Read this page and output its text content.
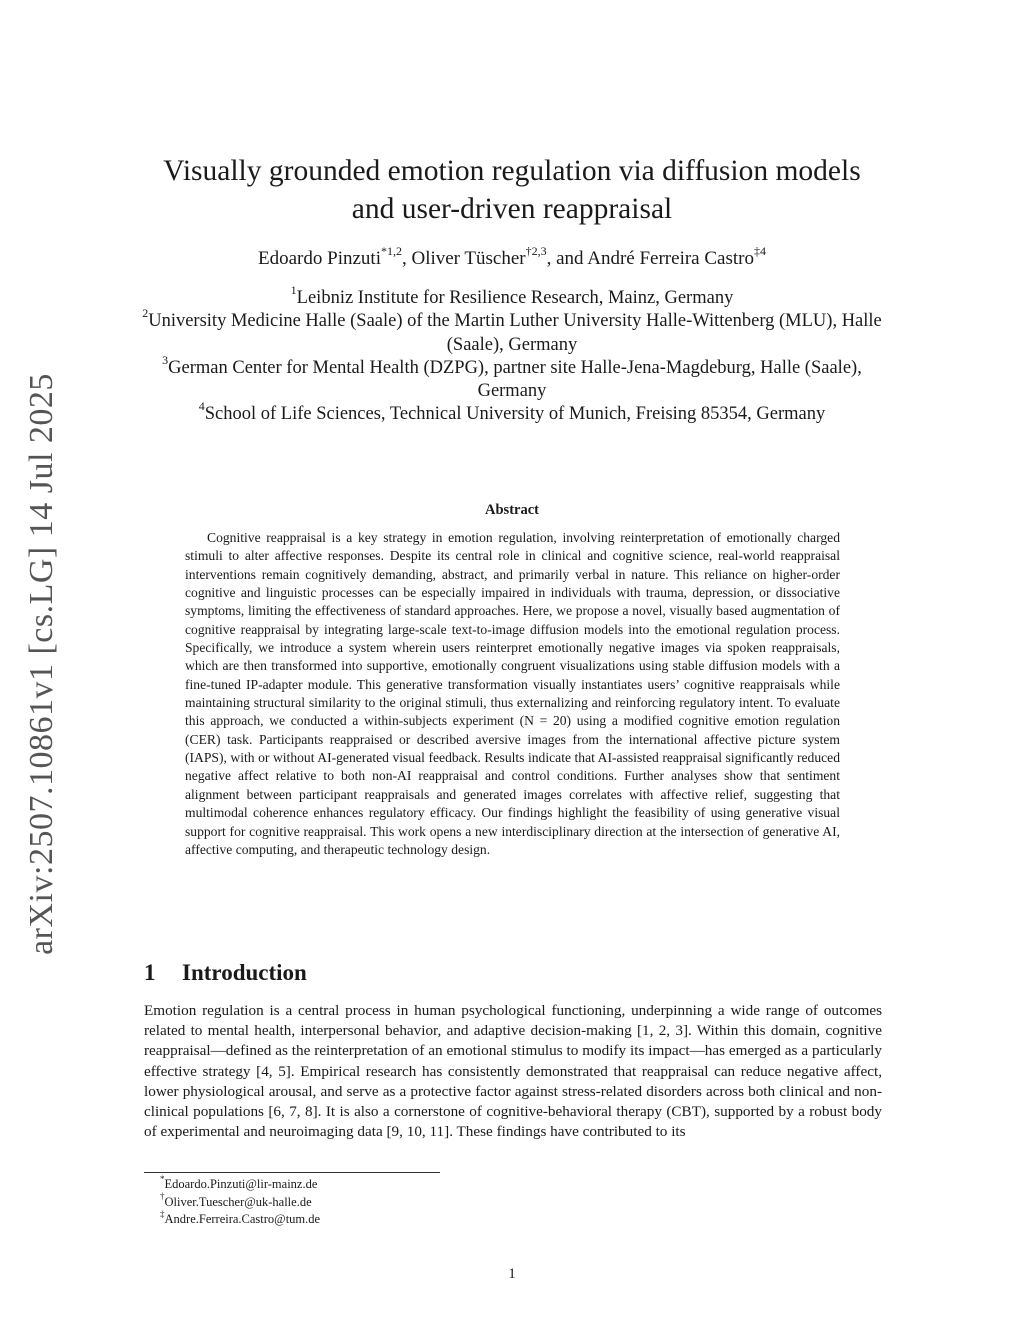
arXiv:2507.10861v1 [cs.LG] 14 Jul 2025
Visually grounded emotion regulation via diffusion models and user-driven reappraisal
Edoardo Pinzuti$^{*1,2}$, Oliver Tüscher$^{\dagger 2,3}$, and André Ferreira Castro$^{\ddagger 4}$
$^1$Leibniz Institute for Resilience Research, Mainz, Germany
$^2$University Medicine Halle (Saale) of the Martin Luther University Halle-Wittenberg (MLU), Halle (Saale), Germany
$^3$German Center for Mental Health (DZPG), partner site Halle-Jena-Magdeburg, Halle (Saale), Germany
$^4$School of Life Sciences, Technical University of Munich, Freising 85354, Germany
Abstract

Cognitive reappraisal is a key strategy in emotion regulation, involving reinterpretation of emotionally charged stimuli to alter affective responses. Despite its central role in clinical and cognitive science, real-world reappraisal interventions remain cognitively demanding, abstract, and primarily verbal in nature. This reliance on higher-order cognitive and linguistic processes can be especially impaired in individuals with trauma, depression, or dissociative symptoms, limiting the effectiveness of standard approaches. Here, we propose a novel, visually based augmentation of cognitive reappraisal by integrating large-scale text-to-image diffusion models into the emotional regulation process. Specifically, we introduce a system wherein users reinterpret emotionally negative images via spoken reappraisals, which are then transformed into supportive, emotionally congruent visualizations using stable diffusion models with a fine-tuned IP-adapter module. This generative transformation visually instantiates users’ cognitive reappraisals while maintaining structural similarity to the original stimuli, thus externalizing and reinforcing regulatory intent. To evaluate this approach, we conducted a within-subjects experiment (N = 20) using a modified cognitive emotion regulation (CER) task. Participants reappraised or described aversive images from the international affective picture system (IAPS), with or without AI-generated visual feedback. Results indicate that AI-assisted reappraisal significantly reduced negative affect relative to both non-AI reappraisal and control conditions. Further analyses show that sentiment alignment between participant reappraisals and generated images correlates with affective relief, suggesting that multimodal coherence enhances regulatory efficacy. Our findings highlight the feasibility of using generative visual support for cognitive reappraisal. This work opens a new interdisciplinary direction at the intersection of generative AI, affective computing, and therapeutic technology design.

1 Introduction

Emotion regulation is a central process in human psychological functioning, underpinning a wide range of outcomes related to mental health, interpersonal behavior, and adaptive decision-making [1, 2, 3]. Within this domain, cognitive reappraisal—defined as the reinterpretation of an emotional stimulus to modify its impact—has emerged as a particularly effective strategy [4, 5]. Empirical research has consistently demonstrated that reappraisal can reduce negative affect, lower physiological arousal, and serve as a protective factor against stress-related disorders across both clinical and non-clinical populations [6, 7, 8]. It is also a cornerstone of cognitive-behavioral therapy (CBT), supported by a robust body of experimental and neuroimaging data [9, 10, 11]. These findings have contributed to its

*Edoardo.Pinzuti@lir-mainz.de
†Oliver.Tuescher@uk-halle.de
‡Andre.Ferreira.Castro@tum.de
1
